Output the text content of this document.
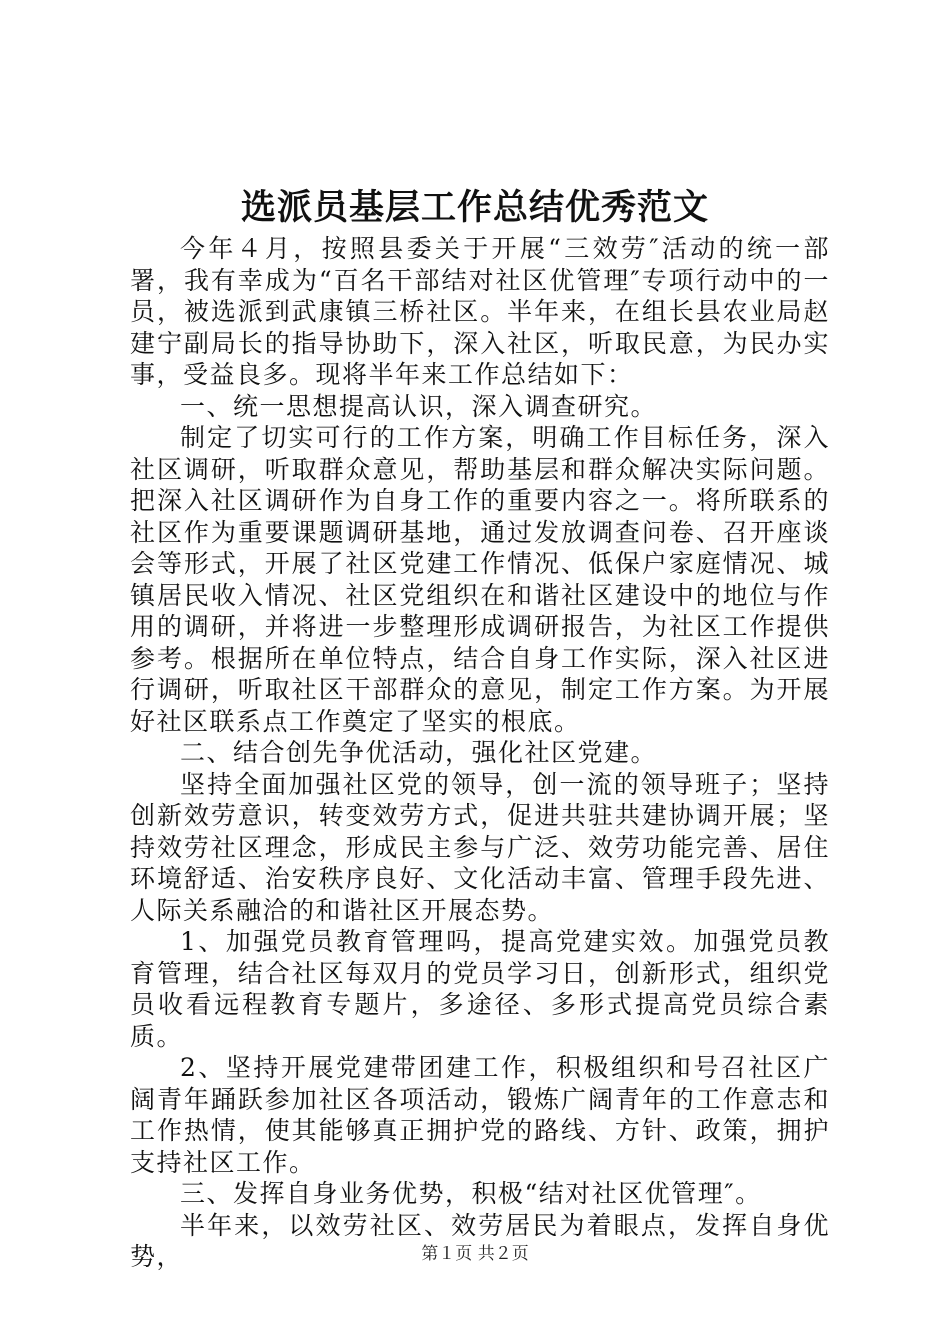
选派员基层工作总结优秀范文

今年４月，按照县委关于开展“三效劳″活动的统一部署，我有幸成为“百名干部结对社区优管理″专项行动中的一员，被选派到武康镇三桥社区。半年来，在组长县农业局赵建宁副局长的指导协助下，深入社区，听取民意，为民办实事，受益良多。现将半年来工作总结如下：

一、统一思想提高认识，深入调查研究。

制定了切实可行的工作方案，明确工作目标任务，深入社区调研，听取群众意见，帮助基层和群众解决实际问题。把深入社区调研作为自身工作的重要内容之一。将所联系的社区作为重要课题调研基地，通过发放调查问卷、召开座谈会等形式，开展了社区党建工作情况、低保户家庭情况、城镇居民收入情况、社区党组织在和谐社区建设中的地位与作用的调研，并将进一步整理形成调研报告，为社区工作提供参考。根据所在单位特点，结合自身工作实际，深入社区进行调研，听取社区干部群众的意见，制定工作方案。为开展好社区联系点工作奠定了坚实的根底。

二、结合创先争优活动，强化社区党建。

坚持全面加强社区党的领导，创一流的领导班子；坚持创新效劳意识，转变效劳方式，促进共驻共建协调开展；坚持效劳社区理念，形成民主参与广泛、效劳功能完善、居住环境舒适、治安秩序良好、文化活动丰富、管理手段先进、人际关系融洽的和谐社区开展态势。

1、加强党员教育管理吗，提高党建实效。加强党员教育管理，结合社区每双月的党员学习日，创新形式，组织党员收看远程教育专题片，多途径、多形式提高党员综合素质。

2、坚持开展党建带团建工作，积极组织和号召社区广阔青年踊跃参加社区各项活动，锻炼广阔青年的工作意志和工作热情，使其能够真正拥护党的路线、方针、政策，拥护支持社区工作。

三、发挥自身业务优势，积极“结对社区优管理″。

半年来，以效劳社区、效劳居民为着眼点，发挥自身优势，	第１页 共２页
